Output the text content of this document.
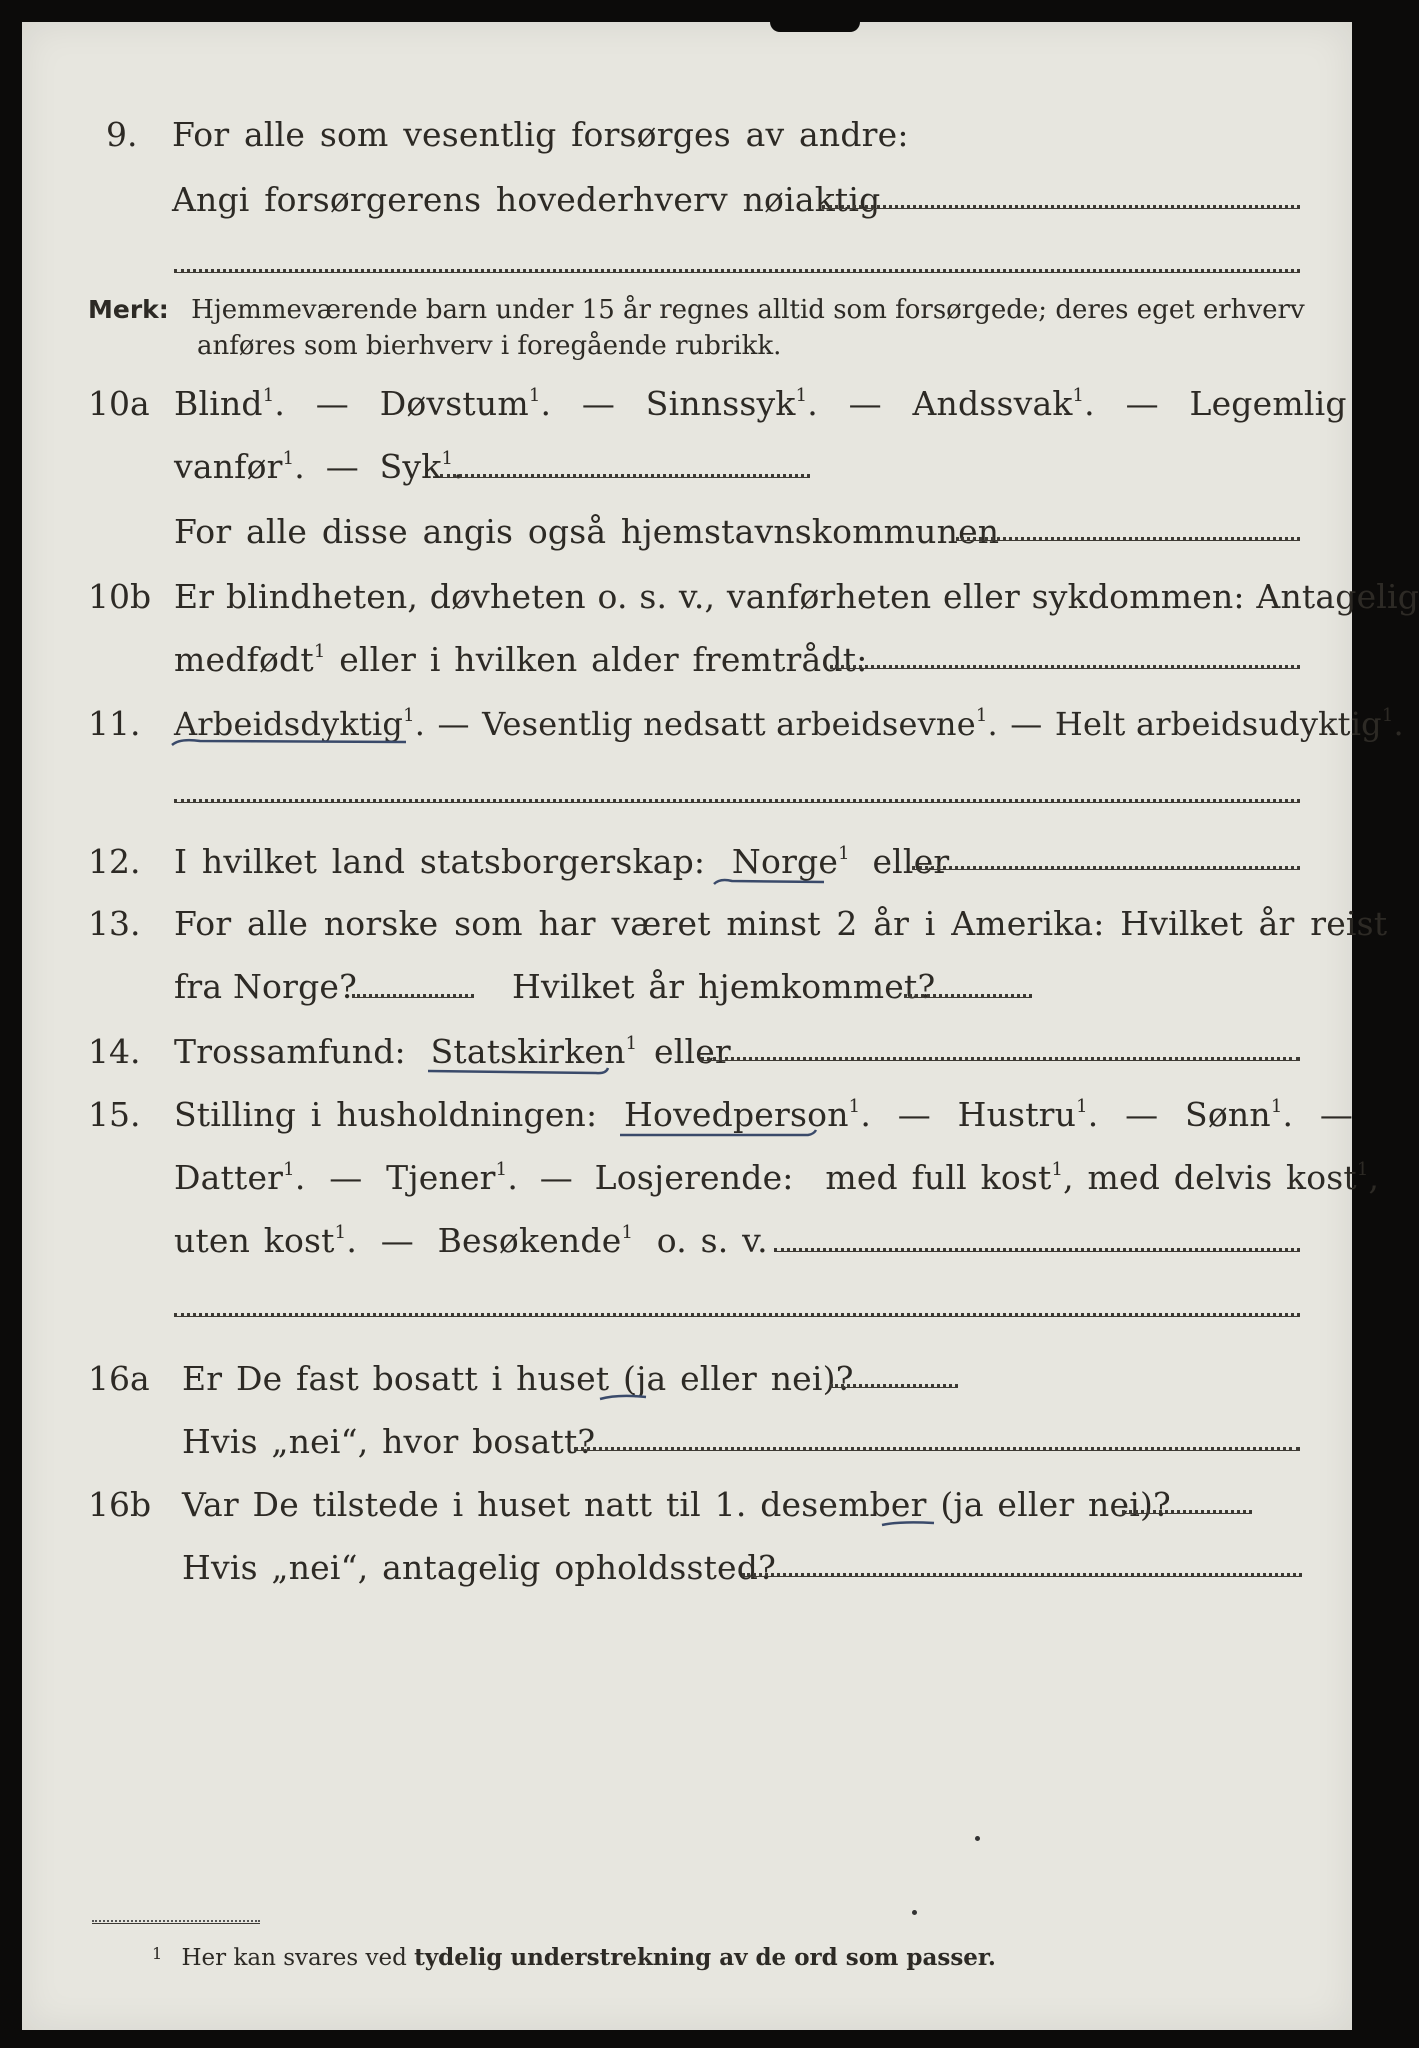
9. For alle som vesentlig forsørges av andre:
Angi forsørgerens hovederhverv nøiaktig
Merk: Hjemmeværende barn under 15 år regnes alltid som forsørgede; deres eget erhverv
anføres som bierhverv i foregående rubrikk.
10a Blind$^1$. — Døvstum$^1$. — Sinnssyk$^1$. — Andssvak$^1$. — Legemlig
vanfør$^1$. — Syk$^1$.
For alle disse angis også hjemstavnskommunen
10b Er blindheten, døvheten o. s. v., vanførheten eller sykdommen: Antagelig
medfødt$^1$ eller i hvilken alder fremtrådt:
11. Arbeidsdyktig$^1$. — Vesentlig nedsatt arbeidsevne$^1$. — Helt arbeidsudyktig$^1$.
12. I hvilket land statsborgerskap: Norge$^1$ eller
13. For alle norske som har været minst 2 år i Amerika: Hvilket år reist
fra Norge?	Hvilket år hjemkommet?
14. Trossamfund: Statskirken$^1$ eller
15. Stilling i husholdningen: Hovedperson$^1$. — Hustru$^1$. — Sønn$^1$. —
Datter$^1$. — Tjener$^1$. — Losjerende: med full kost$^1$, med delvis kost$^1$,
uten kost$^1$. — Besøkende$^1$ o. s. v.
16a Er De fast bosatt i huset (ja eller nei)?
Hvis „nei“, hvor bosatt?
16b Var De tilstede i huset natt til 1. desember (ja eller nei)?
Hvis „nei“, antagelig opholdssted?
$^1$ Her kan svares ved tydelig understrekning av de ord som passer.
